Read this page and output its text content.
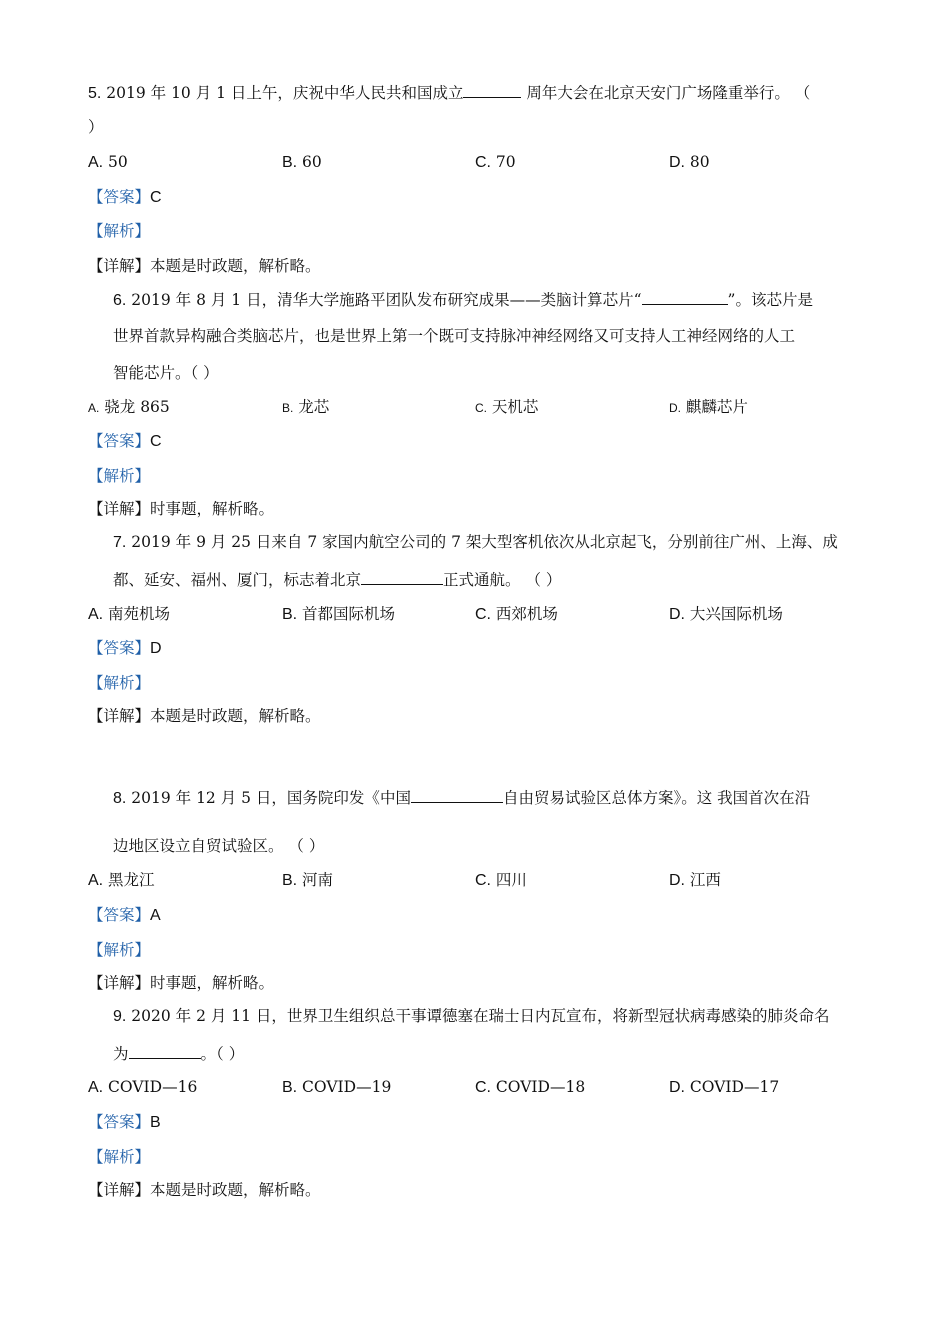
5. 2019 年 10 月 1 日上午，庆祝中华人民共和国成立	周年大会在北京天安门广场隆重举行。 （
）
A. 50	B. 60	C. 70	D. 80
【答案】C
【解析】
【详解】本题是时政题，解析略。
6. 2019 年 8 月 1 日，清华大学施路平团队发布研究成果——类脑计算芯片“	”。该芯片是
世界首款异构融合类脑芯片，也是世界上第一个既可支持脉冲神经网络又可支持人工神经网络的人工
智能芯片。（ ）
A. 骁龙 865	B. 龙芯	C. 天机芯	D. 麒麟芯片
【答案】C
【解析】
【详解】时事题，解析略。
7. 2019 年 9 月 25 日来自 7 家国内航空公司的 7 架大型客机依次从北京起飞，分别前往广州、上海、成
都、延安、福州、厦门，标志着北京	正式通航。 （ ）
A. 南苑机场	B. 首都国际机场	C. 西郊机场	D. 大兴国际机场
【答案】D
【解析】
【详解】本题是时政题，解析略。
8. 2019 年 12 月 5 日，国务院印发《中国	自由贸易试验区总体方案》。这 我国首次在沿
边地区设立自贸试验区。 （ ）
A. 黑龙江	B. 河南	C. 四川	D. 江西
【答案】A
【解析】
【详解】时事题，解析略。
9. 2020 年 2 月 11 日，世界卫生组织总干事谭德塞在瑞士日内瓦宣布，将新型冠状病毒感染的肺炎命名
为	。（ ）
A. COVID—16	B. COVID—19	C. COVID—18	D. COVID—17
【答案】B
【解析】
【详解】本题是时政题，解析略。
